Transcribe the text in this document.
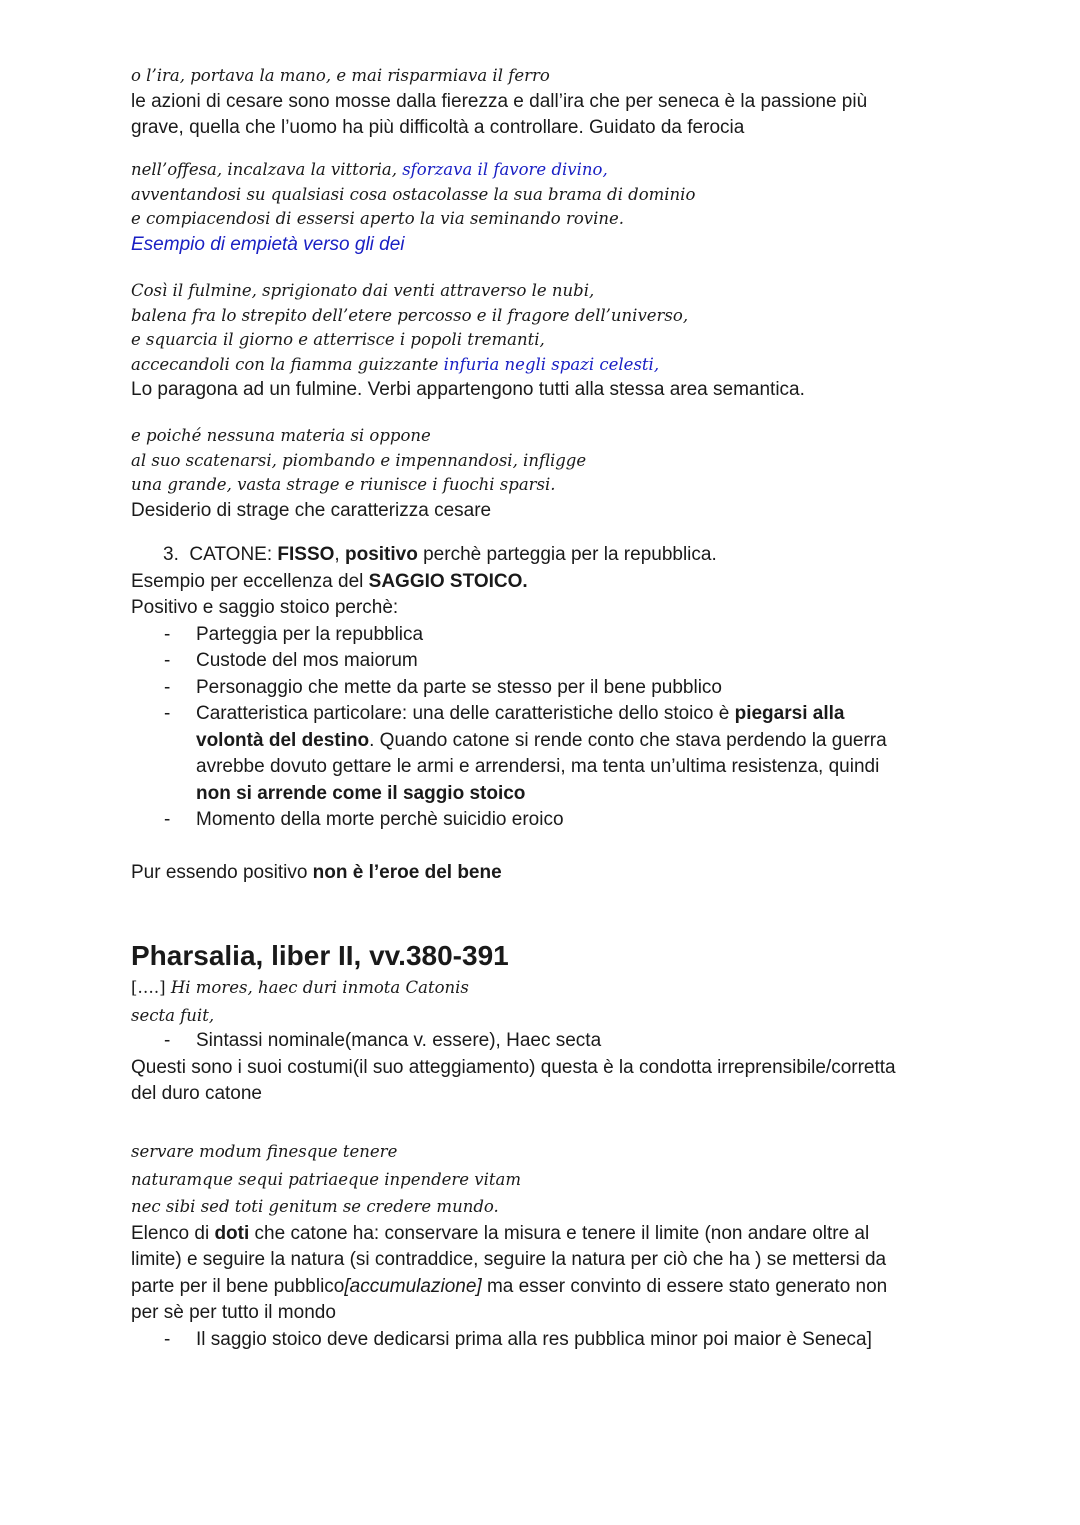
o l’ira, portava la mano, e mai risparmiava il ferro

le azioni di cesare sono mosse dalla fierezza e dall’ira che per seneca è la passione più

grave, quella che l’uomo ha più difficoltà a controllare. Guidato da ferocia

nell’offesa, incalzava la vittoria, sforzava il favore divino,

avventandosi su qualsiasi cosa ostacolasse la sua brama di dominio

e compiacendosi di essersi aperto la via seminando rovine.

Esempio di empietà verso gli dei

Così il fulmine, sprigionato dai venti attraverso le nubi,

balena fra lo strepito dell’etere percosso e il fragore dell’universo,

e squarcia il giorno e atterrisce i popoli tremanti,

accecandoli con la fiamma guizzante infuria negli spazi celesti,

Lo paragona ad un fulmine. Verbi appartengono tutti alla stessa area semantica.

e poiché nessuna materia si oppone

al suo scatenarsi, piombando e impennandosi, infligge

una grande, vasta strage e riunisce i fuochi sparsi.

Desiderio di strage che caratterizza cesare

3. CATONE: FISSO, positivo perchè parteggia per la repubblica.

Esempio per eccellenza del SAGGIO STOICO.

Positivo e saggio stoico perchè:

- Parteggia per la repubblica
- Custode del mos maiorum
- Personaggio che mette da parte se stesso per il bene pubblico
- Caratteristica particolare: una delle caratteristiche dello stoico è piegarsi alla

volontà del destino. Quando catone si rende conto che stava perdendo la guerra

avrebbe dovuto gettare le armi e arrendersi, ma tenta un’ultima resistenza, quindi

non si arrende come il saggio stoico

- Momento della morte perchè suicidio eroico

Pur essendo positivo non è l’eroe del bene

Pharsalia, liber II, vv.380-391

[….] Hi mores, haec duri inmota Catonis

secta fuit,

- Sintassi nominale(manca v. essere), Haec secta

Questi sono i suoi costumi(il suo atteggiamento) questa è la condotta irreprensibile/corretta

del duro catone

servare modum finesque tenere

naturamque sequi patriaeque inpendere vitam

nec sibi sed toti genitum se credere mundo.

Elenco di doti che catone ha: conservare la misura e tenere il limite (non andare oltre al

limite) e seguire la natura (si contraddice, seguire la natura per ciò che ha ) se mettersi da

parte per il bene pubblico[accumulazione] ma esser convinto di essere stato generato non

per sè per tutto il mondo

- Il saggio stoico deve dedicarsi prima alla res pubblica minor poi maior è Seneca]
